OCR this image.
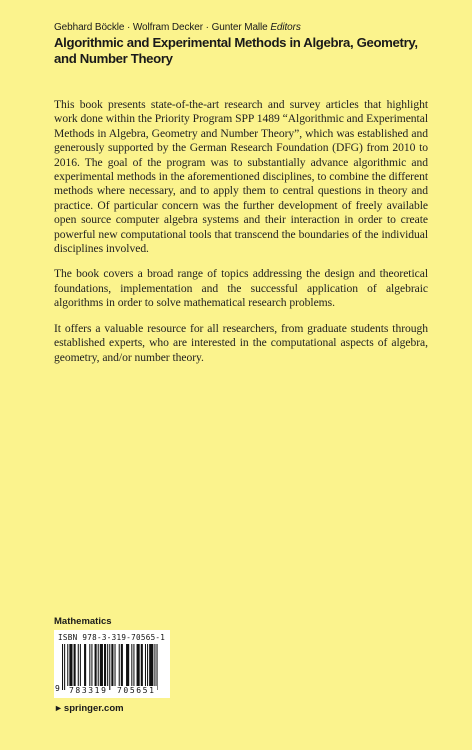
Gebhard Böckle · Wolfram Decker · Gunter Malle Editors
Algorithmic and Experimental Methods in Algebra, Geometry, and Number Theory

This book presents state-of-the-art research and survey articles that highlight work done within the Priority Program SPP 1489 “Algorithmic and Experimental Methods in Algebra, Geometry and Number Theory”, which was established and generously supported by the German Research Foundation (DFG) from 2010 to 2016. The goal of the program was to substantially advance algorithmic and experimental methods in the aforementioned disciplines, to combine the different methods where necessary, and to apply them to central questions in theory and practice. Of particular concern was the further development of freely available open source computer algebra systems and their interaction in order to create powerful new computational tools that transcend the boundaries of the individual disciplines involved.

The book covers a broad range of topics addressing the design and theoretical foundations, implementation and the successful application of algebraic algorithms in order to solve mathematical research problems.

It offers a valuable resource for all researchers, from graduate students through established experts, who are interested in the computational aspects of algebra, geometry, and/or number theory.

Mathematics
ISBN 978-3-319-70565-1
9 783319 705651
►springer.com
